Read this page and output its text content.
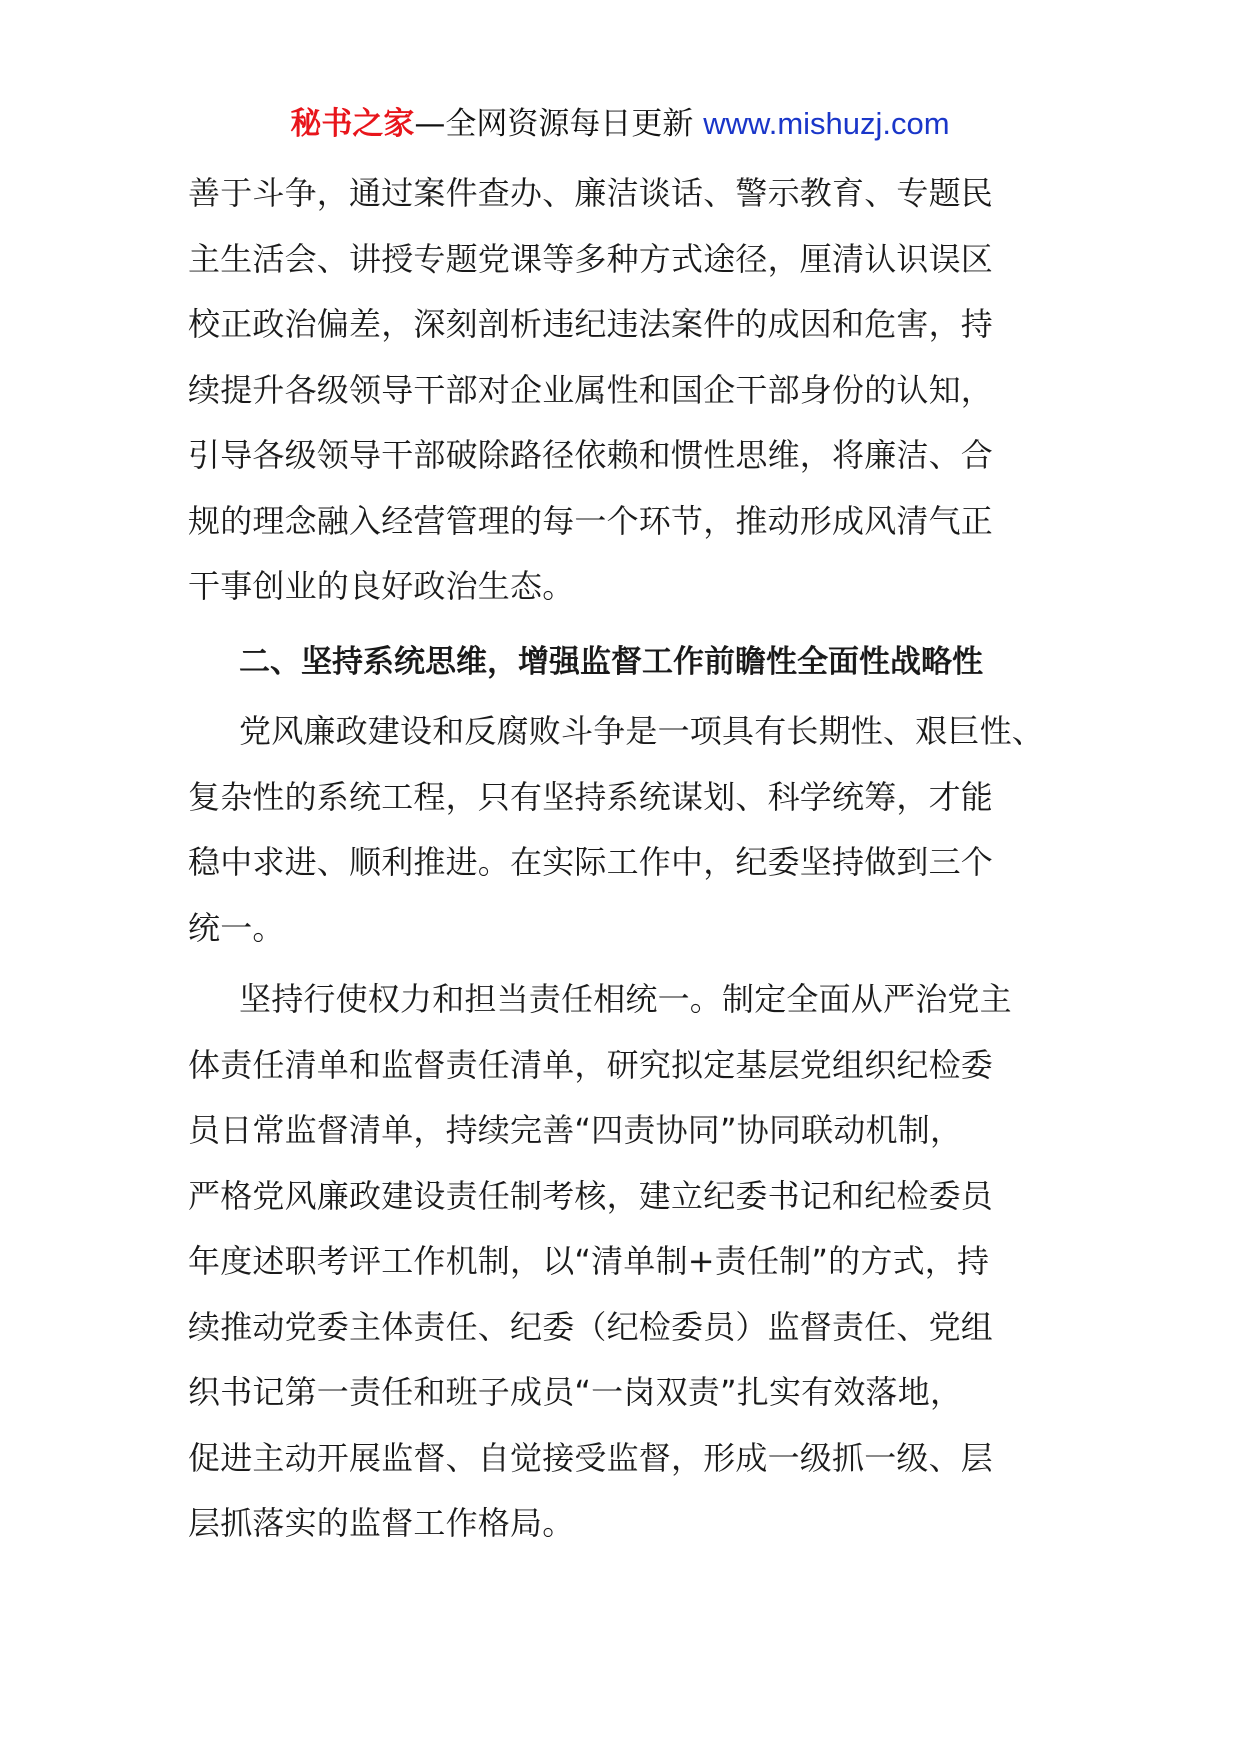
秘书之家—全网资源每日更新 www.mishuzj.com
善于斗争，通过案件查办、廉洁谈话、警示教育、专题民
主生活会、讲授专题党课等多种方式途径，厘清认识误区
校正政治偏差，深刻剖析违纪违法案件的成因和危害，持
续提升各级领导干部对企业属性和国企干部身份的认知，
引导各级领导干部破除路径依赖和惯性思维，将廉洁、合
规的理念融入经营管理的每一个环节，推动形成风清气正
干事创业的良好政治生态。
二、坚持系统思维，增强监督工作前瞻性全面性战略性
党风廉政建设和反腐败斗争是一项具有长期性、艰巨性、
复杂性的系统工程，只有坚持系统谋划、科学统筹，才能
稳中求进、顺利推进。在实际工作中，纪委坚持做到三个
统一。
坚持行使权力和担当责任相统一。制定全面从严治党主
体责任清单和监督责任清单，研究拟定基层党组织纪检委
员日常监督清单，持续完善“四责协同”协同联动机制，
严格党风廉政建设责任制考核，建立纪委书记和纪检委员
年度述职考评工作机制，以“清单制+责任制”的方式，持
续推动党委主体责任、纪委（纪检委员）监督责任、党组
织书记第一责任和班子成员“一岗双责”扎实有效落地，
促进主动开展监督、自觉接受监督，形成一级抓一级、层
层抓落实的监督工作格局。
